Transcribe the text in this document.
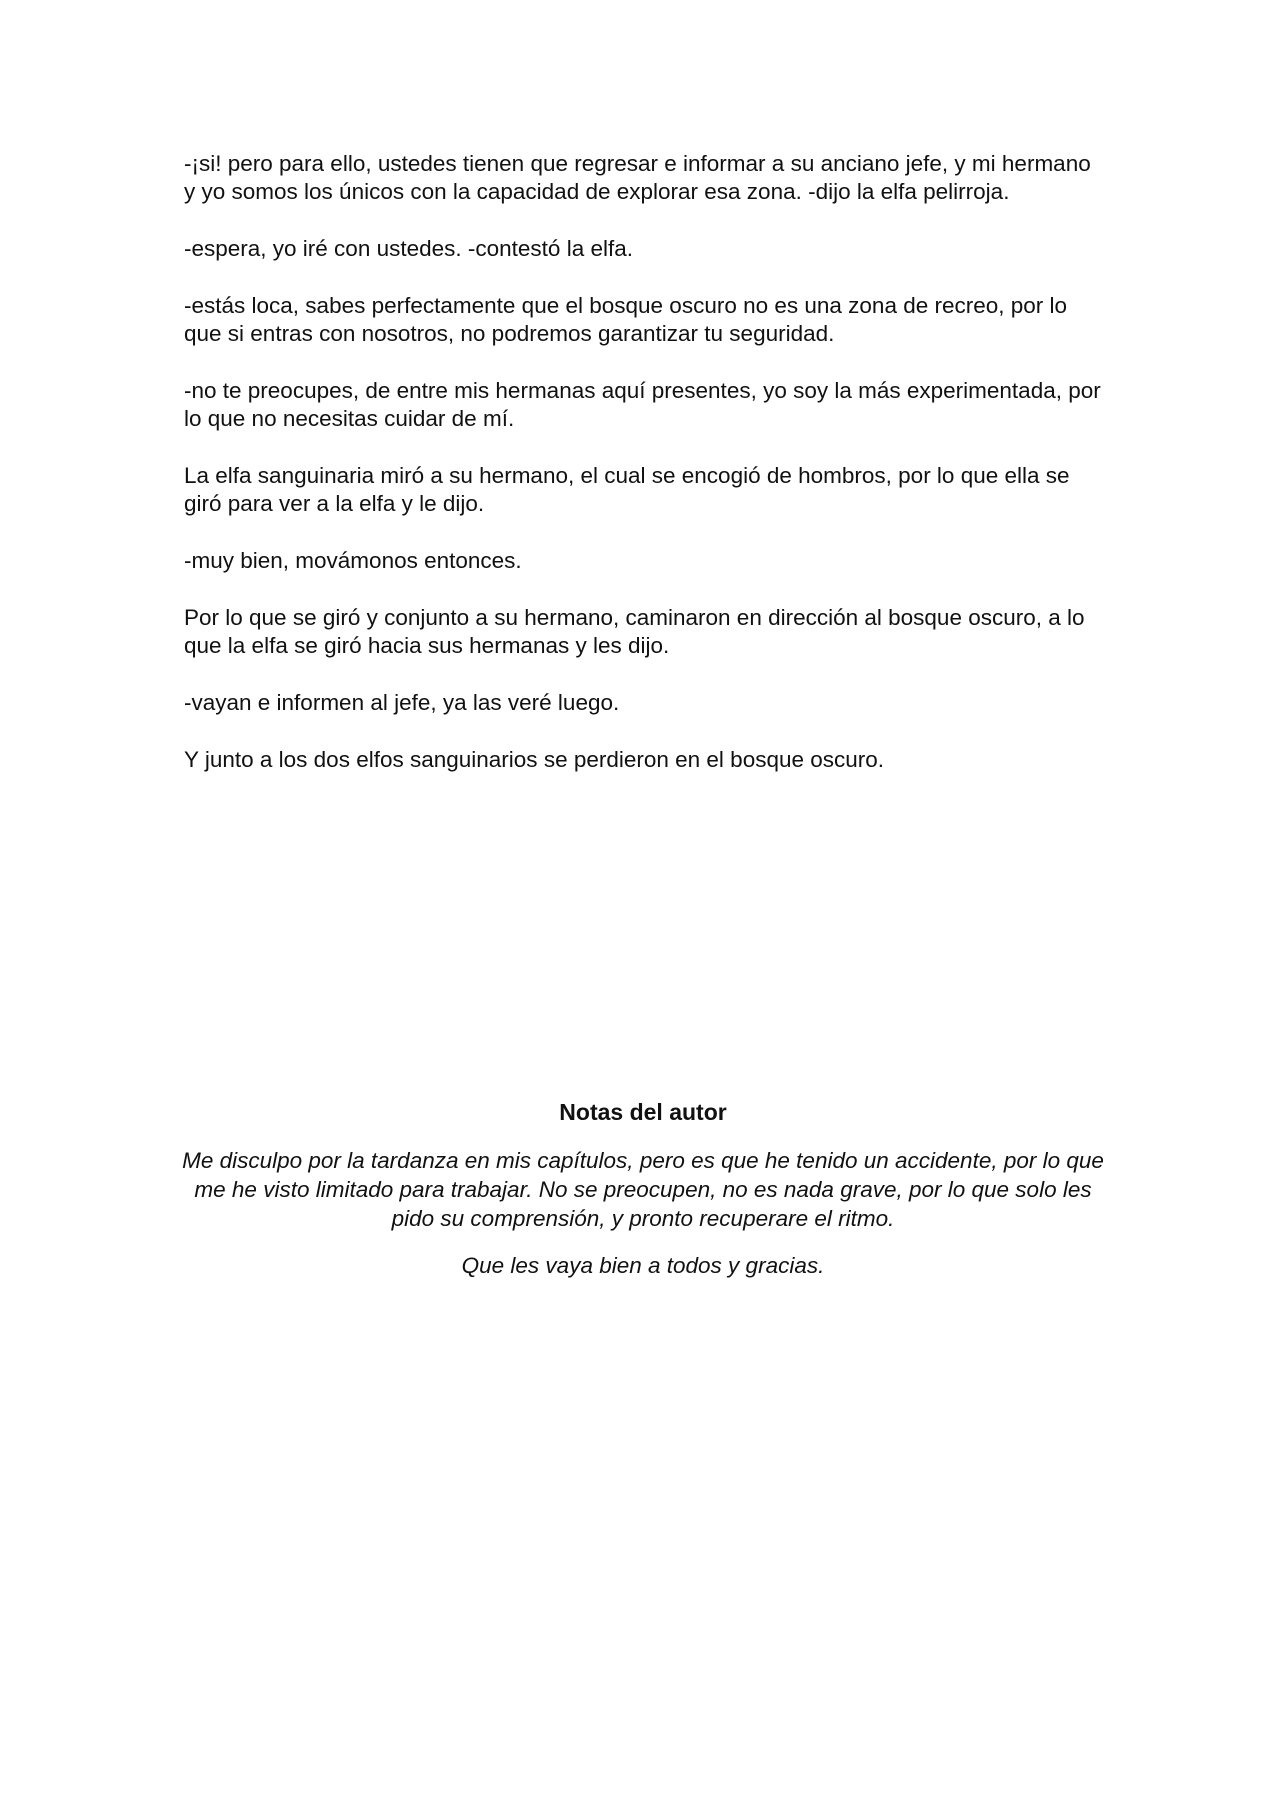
-¡si! pero para ello, ustedes tienen que regresar e informar a su anciano jefe, y mi hermano y yo somos los únicos con la capacidad de explorar esa zona. -dijo la elfa pelirroja.

-espera, yo iré con ustedes. -contestó la elfa.

-estás loca, sabes perfectamente que el bosque oscuro no es una zona de recreo, por lo que si entras con nosotros, no podremos garantizar tu seguridad.

-no te preocupes, de entre mis hermanas aquí presentes, yo soy la más experimentada, por lo que no necesitas cuidar de mí.

La elfa sanguinaria miró a su hermano, el cual se encogió de hombros, por lo que ella se giró para ver a la elfa y le dijo.

-muy bien, movámonos entonces.

Por lo que se giró y conjunto a su hermano, caminaron en dirección al bosque oscuro, a lo que la elfa se giró hacia sus hermanas y les dijo.

-vayan e informen al jefe, ya las veré luego.

Y junto a los dos elfos sanguinarios se perdieron en el bosque oscuro.

Notas del autor

Me disculpo por la tardanza en mis capítulos, pero es que he tenido un accidente, por lo que me he visto limitado para trabajar. No se preocupen, no es nada grave, por lo que solo les pido su comprensión, y pronto recuperare el ritmo.

Que les vaya bien a todos y gracias.
